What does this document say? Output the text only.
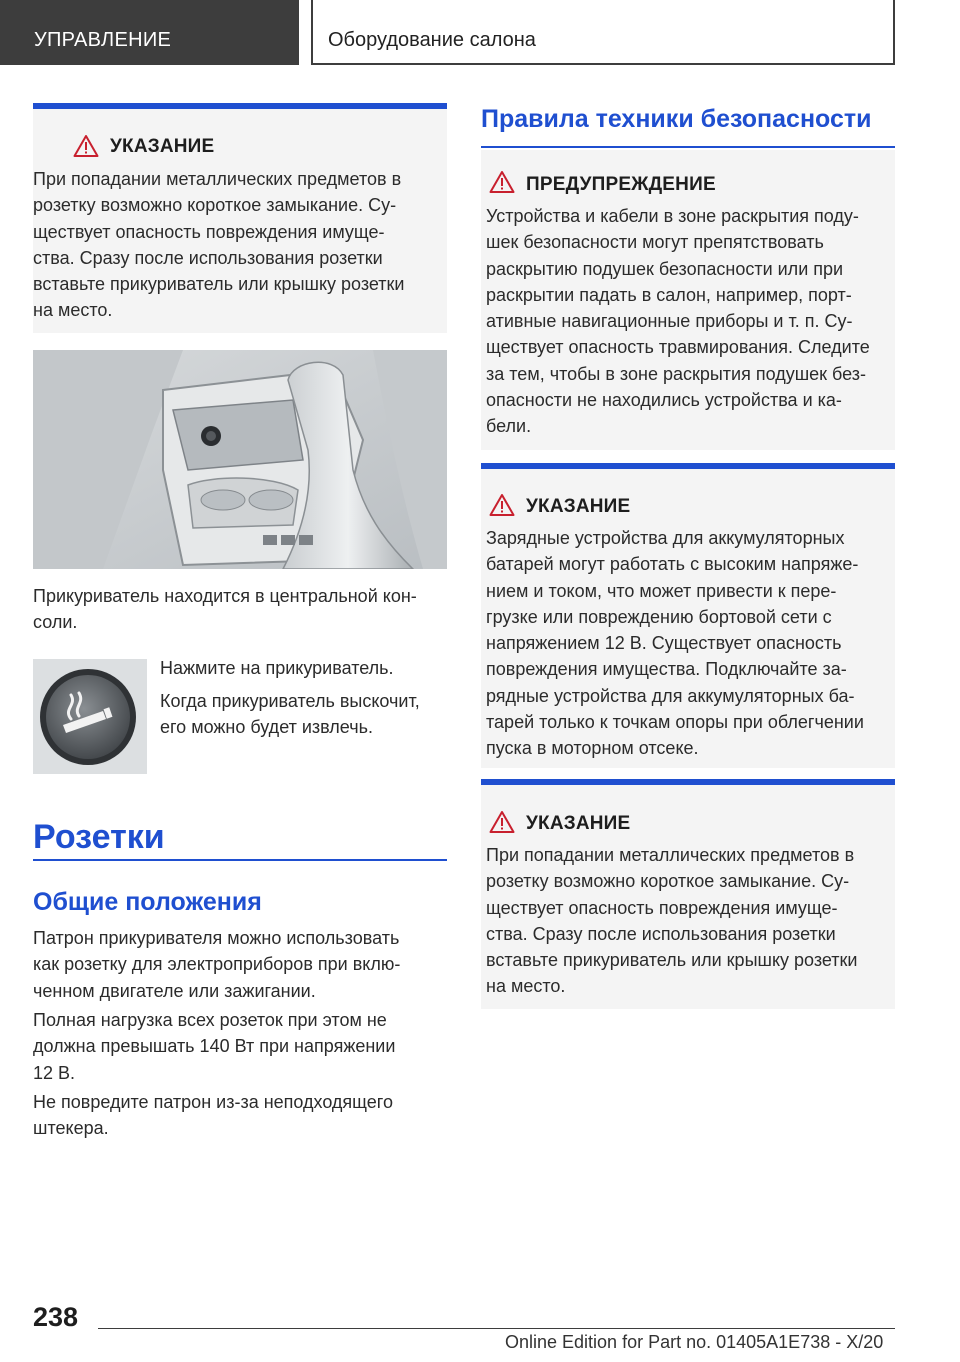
УПРАВЛЕНИЕ	Оборудование салона
УКАЗАНИЕ
При попадании металлических предметов в
розетку возможно короткое замыкание. Су-
ществует опасность повреждения имуще-
ства. Сразу после использования розетки
вставьте прикуриватель или крышку розетки
на место.
Прикуриватель находится в центральной кон-
соли.
Нажмите на прикуриватель.
Когда прикуриватель выскочит,
его можно будет извлечь.
Розетки
Общие положения
Патрон прикуривателя можно использовать
как розетку для электроприборов при вклю-
ченном двигателе или зажигании.
Полная нагрузка всех розеток при этом не
должна превышать 140 Вт при напряжении
12 В.
Не повредите патрон из-за неподходящего
штекера.
Правила техники безопасности
ПРЕДУПРЕЖДЕНИЕ
Устройства и кабели в зоне раскрытия поду-
шек безопасности могут препятствовать
раскрытию подушек безопасности или при
раскрытии падать в салон, например, порт-
ативные навигационные приборы и т. п. Су-
ществует опасность травмирования. Следите
за тем, чтобы в зоне раскрытия подушек без-
опасности не находились устройства и ка-
бели.
УКАЗАНИЕ
Зарядные устройства для аккумуляторных
батарей могут работать с высоким напряже-
нием и током, что может привести к пере-
грузке или повреждению бортовой сети с
напряжением 12 В. Существует опасность
повреждения имущества. Подключайте за-
рядные устройства для аккумуляторных ба-
тарей только к точкам опоры при облегчении
пуска в моторном отсеке.
УКАЗАНИЕ
При попадании металлических предметов в
розетку возможно короткое замыкание. Су-
ществует опасность повреждения имуще-
ства. Сразу после использования розетки
вставьте прикуриватель или крышку розетки
на место.
238
Online Edition for Part no. 01405A1E738 - X/20
